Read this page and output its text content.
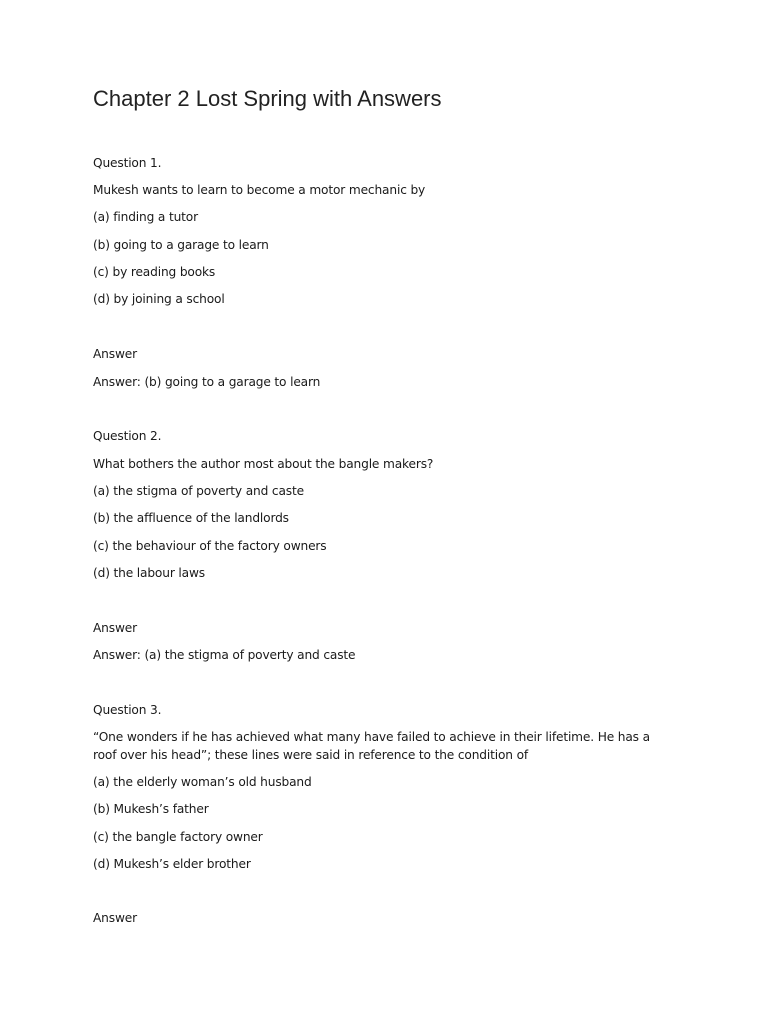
Chapter 2 Lost Spring with Answers
Question 1.
Mukesh wants to learn to become a motor mechanic by
(a) finding a tutor
(b) going to a garage to learn
(c) by reading books
(d) by joining a school
Answer
Answer: (b) going to a garage to learn
Question 2.
What bothers the author most about the bangle makers?
(a) the stigma of poverty and caste
(b) the affluence of the landlords
(c) the behaviour of the factory owners
(d) the labour laws
Answer
Answer: (a) the stigma of poverty and caste
Question 3.
“One wonders if he has achieved what many have failed to achieve in their lifetime. He has a roof over his head”; these lines were said in reference to the condition of
(a) the elderly woman’s old husband
(b) Mukesh’s father
(c) the bangle factory owner
(d) Mukesh’s elder brother
Answer
